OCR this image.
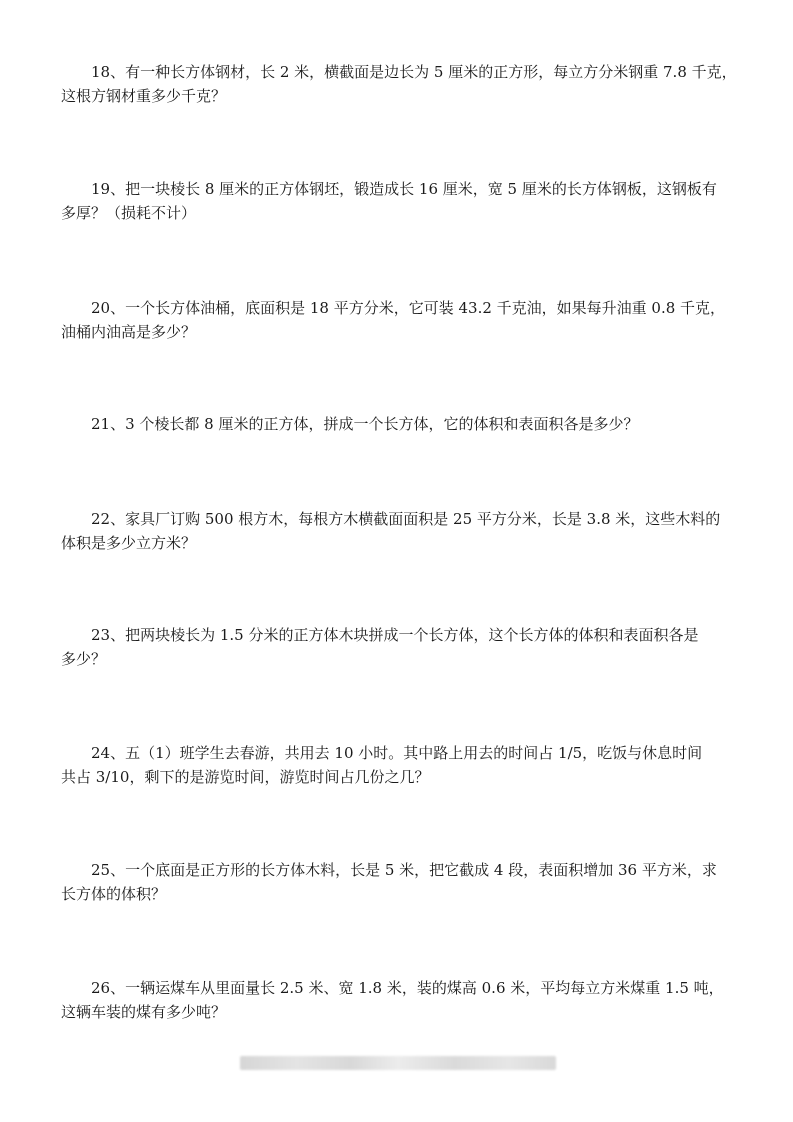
18、有一种长方体钢材，长 2 米，横截面是边长为 5 厘米的正方形，每立方分米钢重 7.8 千克，
这根方钢材重多少千克？

19、把一块棱长 8 厘米的正方体钢坯，锻造成长 16 厘米，宽 5 厘米的长方体钢板，这钢板有
多厚？（损耗不计）

20、一个长方体油桶，底面积是 18 平方分米，它可装 43.2 千克油，如果每升油重 0.8 千克，
油桶内油高是多少？

21、3 个棱长都 8 厘米的正方体，拼成一个长方体，它的体积和表面积各是多少？

22、家具厂订购 500 根方木，每根方木横截面面积是 25 平方分米，长是 3.8 米，这些木料的
体积是多少立方米？

23、把两块棱长为 1.5 分米的正方体木块拼成一个长方体，这个长方体的体积和表面积各是
多少？

24、五（1）班学生去春游，共用去 10 小时。其中路上用去的时间占 1/5，吃饭与休息时间
共占 3/10，剩下的是游览时间，游览时间占几份之几？

25、一个底面是正方形的长方体木料，长是 5 米，把它截成 4 段，表面积增加 36 平方米，求
长方体的体积？

26、一辆运煤车从里面量长 2.5 米、宽 1.8 米，装的煤高 0.6 米，平均每立方米煤重 1.5 吨，
这辆车装的煤有多少吨？
